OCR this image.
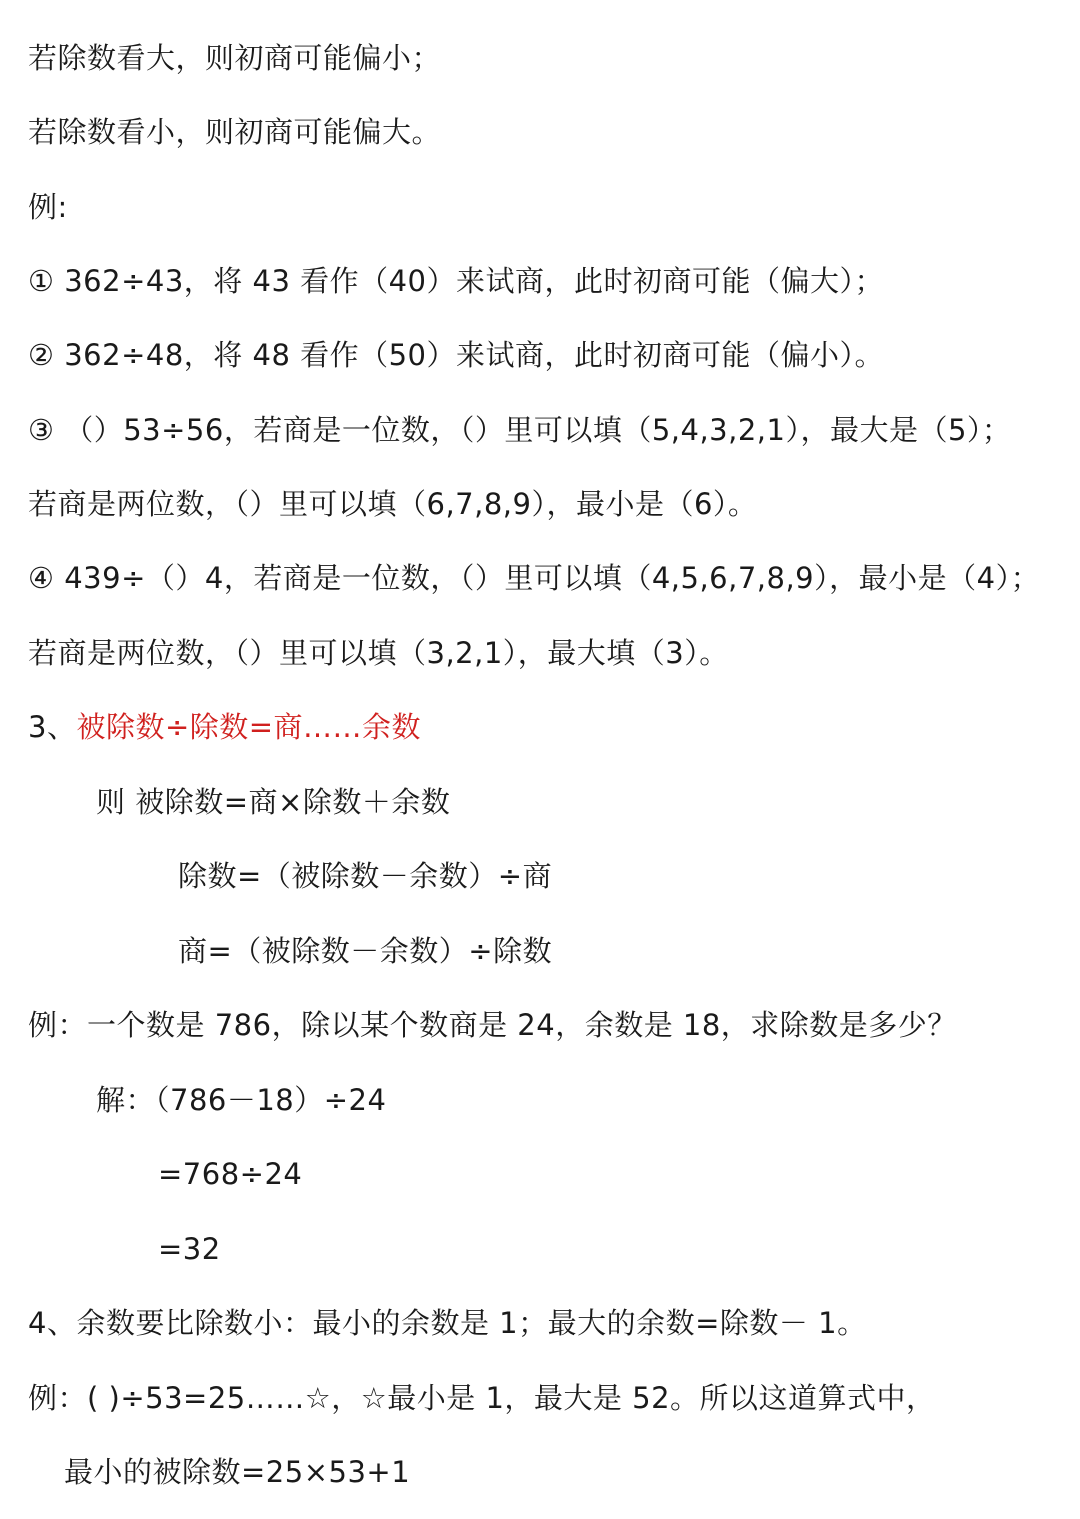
若除数看大，则初商可能偏小；
若除数看小，则初商可能偏大。
例:
① 362÷43，将 43 看作（40）来试商，此时初商可能（偏大）；
② 362÷48，将 48 看作（50）来试商，此时初商可能（偏小）。
③ （）53÷56，若商是一位数，（）里可以填（5,4,3,2,1），最大是（5）；
若商是两位数，（）里可以填（6,7,8,9），最小是（6）。
④ 439÷（）4，若商是一位数，（）里可以填（4,5,6,7,8,9），最小是（4）；
若商是两位数，（）里可以填（3,2,1），最大填（3）。
3、被除数÷除数=商……余数
则 被除数=商×除数＋余数
除数=（被除数－余数）÷商
商=（被除数－余数）÷除数
例：一个数是 786，除以某个数商是 24，余数是 18，求除数是多少？
解：（786－18）÷24
=768÷24
=32
4、余数要比除数小：最小的余数是 1；最大的余数=除数－ 1。
例：( )÷53=25……☆，☆最小是 1，最大是 52。所以这道算式中，
最小的被除数=25×53+1
